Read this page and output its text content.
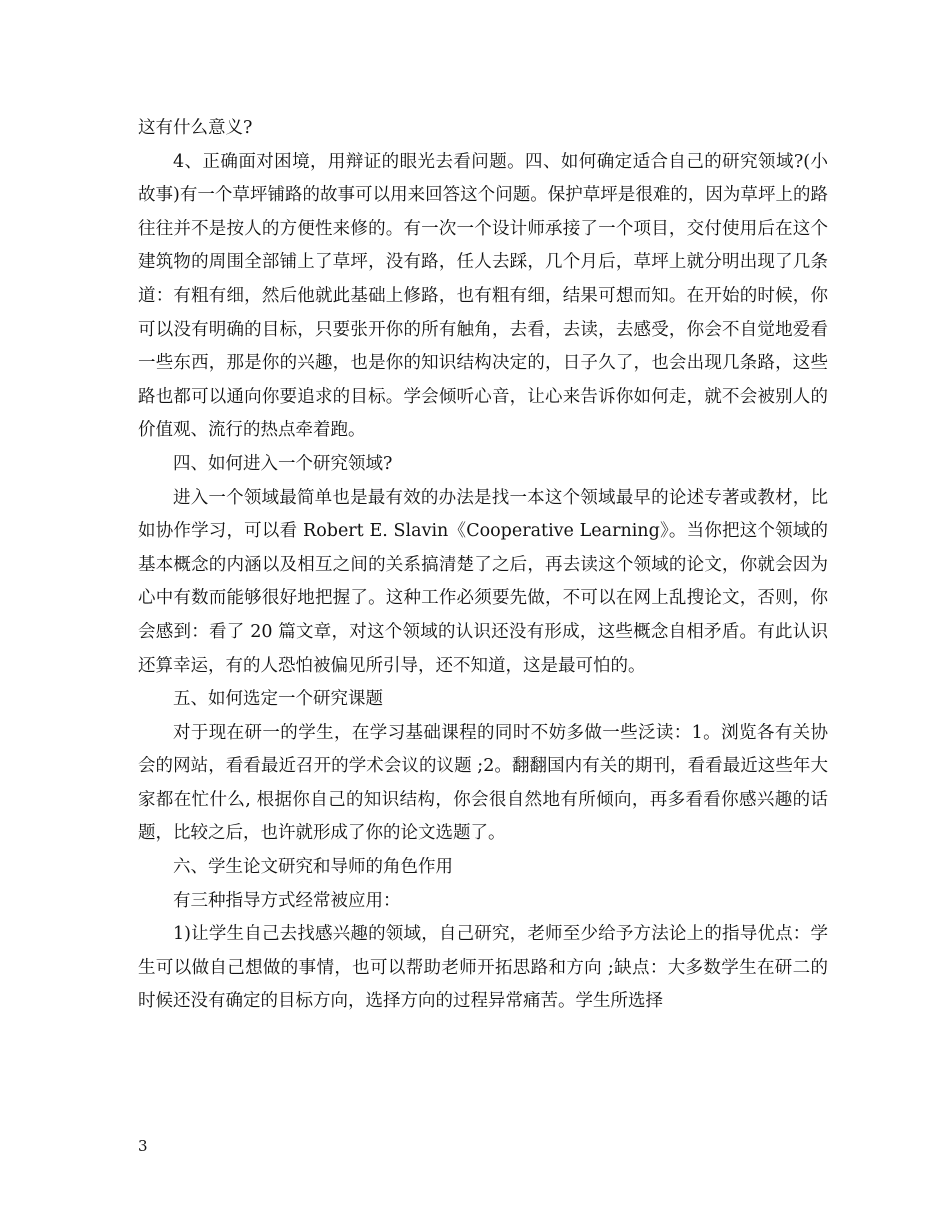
这有什么意义?

4、正确面对困境，用辩证的眼光去看问题。四、如何确定适合自己的研究领域?(小故事)有一个草坪铺路的故事可以用来回答这个问题。保护草坪是很难的，因为草坪上的路往往并不是按人的方便性来修的。有一次一个设计师承接了一个项目，交付使用后在这个建筑物的周围全部铺上了草坪，没有路，任人去踩，几个月后，草坪上就分明出现了几条道：有粗有细，然后他就此基础上修路，也有粗有细，结果可想而知。在开始的时候，你可以没有明确的目标，只要张开你的所有触角，去看，去读，去感受，你会不自觉地爱看一些东西，那是你的兴趣，也是你的知识结构决定的，日子久了，也会出现几条路，这些路也都可以通向你要追求的目标。学会倾听心音，让心来告诉你如何走，就不会被别人的价值观、流行的热点牵着跑。

四、如何进入一个研究领域?

进入一个领域最简单也是最有效的办法是找一本这个领域最早的论述专著或教材，比如协作学习，可以看 Robert E. Slavin《Cooperative Learning》。当你把这个领域的基本概念的内涵以及相互之间的关系搞清楚了之后，再去读这个领域的论文，你就会因为心中有数而能够很好地把握了。这种工作必须要先做，不可以在网上乱搜论文，否则，你会感到：看了 20 篇文章，对这个领域的认识还没有形成，这些概念自相矛盾。有此认识还算幸运，有的人恐怕被偏见所引导，还不知道，这是最可怕的。

五、如何选定一个研究课题

对于现在研一的学生，在学习基础课程的同时不妨多做一些泛读：1。浏览各有关协会的网站，看看最近召开的学术会议的议题 ;2。翻翻国内有关的期刊，看看最近这些年大家都在忙什么, 根据你自己的知识结构，你会很自然地有所倾向，再多看看你感兴趣的话题，比较之后，也许就形成了你的论文选题了。

六、学生论文研究和导师的角色作用

有三种指导方式经常被应用：

1)让学生自己去找感兴趣的领域，自己研究，老师至少给予方法论上的指导优点：学生可以做自己想做的事情，也可以帮助老师开拓思路和方向 ;缺点：大多数学生在研二的时候还没有确定的目标方向，选择方向的过程异常痛苦。学生所选择

3
